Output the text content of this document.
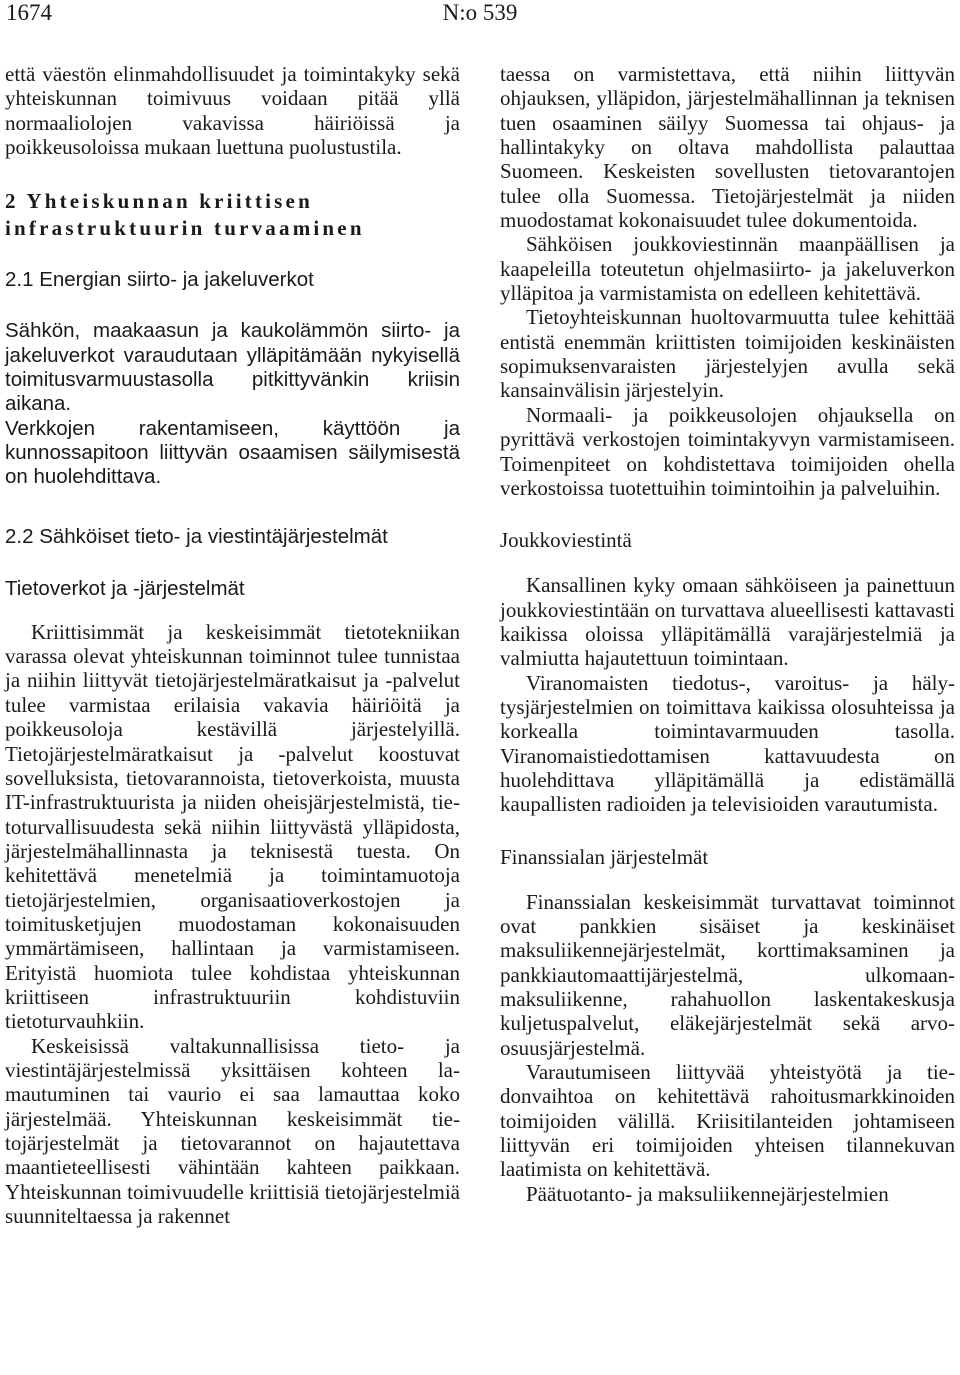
N:o 539
1674

että väestön elinmahdollisuudet ja toimintakyky sekä yhteiskunnan toimivuus voidaan pitää yllä normaaliolojen vakavissa häiriöissä ja poikkeusoloissa mukaan luettuna puolustustila.

2 Yhteiskunnan kriittisen infrastruktuurin turvaaminen
2.1 Energian siirto- ja jakeluverkot

Sähkön, maakaasun ja kaukolämmön siirto- ja jakeluverkot varaudutaan ylläpitämään nykyisellä toimitusvarmuustasolla pitkittyvänkin kriisin aikana.

Verkkojen rakentamiseen, käyttöön ja kunnossapitoon liittyvän osaamisen säilymisestä on huolehdittava.

2.2 Sähköiset tieto- ja viestintäjärjestelmät
Tietoverkot ja -järjestelmät

Kriittisimmät ja keskeisimmät tietotekniikan varassa olevat yhteiskunnan toiminnot tulee tunnistaa ja niihin liittyvät tietojärjestelmäratkaisut ja -palvelut tulee varmistaa erilaisia vakavia häiriöitä ja poikkeusoloja kestävillä järjestelyillä. Tietojärjestelmäratkaisut ja -palvelut koostuvat sovelluksista, tietovarannoista, tietoverkoista, muusta IT-infrastruktuurista ja niiden oheisjärjestelmistä, tietoturvallisuudesta sekä niihin liittyvästä ylläpidosta, järjestelmähallinnasta ja teknisestä tuesta. On kehitettävä menetelmiä ja toimintamuotoja tietojärjestelmien, organisaatioverkostojen ja toimitusketjujen muodostaman kokonaisuuden ymmärtämiseen, hallintaan ja varmistamiseen. Erityistä huomiota tulee kohdistaa yhteiskunnan kriittiseen infrastruktuuriin kohdistuviin tietoturvauhkiin.

Keskeisissä valtakunnallisissa tieto- ja viestintäjärjestelmissä yksittäisen kohteen lamautuminen tai vaurio ei saa lamauttaa koko järjestelmää. Yhteiskunnan keskeisimmät tietojärjestelmät ja tietovarannot on hajautettava maantieteellisesti vähintään kahteen paikkaan. Yhteiskunnan toimivuudelle kriittisiä tietojärjestelmiä suunniteltaessa ja rakennet

taessa on varmistettava, että niihin liittyvän ohjauksen, ylläpidon, järjestelmähallinnan ja teknisen tuen osaaminen säilyy Suomessa tai ohjaus- ja hallintakyky on oltava mahdollista palauttaa Suomeen. Keskeisten sovellusten tietovarantojen tulee olla Suomessa. Tietojärjestelmät ja niiden muodostamat kokonaisuudet tulee dokumentoida.

Sähköisen joukkoviestinnän maanpäällisen ja kaapeleilla toteutetun ohjelmasiirto- ja jakeluverkon ylläpitoa ja varmistamista on edelleen kehitettävä.

Tietoyhteiskunnan huoltovarmuutta tulee kehittää entistä enemmän kriittisten toimijoiden keskinäisten sopimuksenvaraisten järjestelyjen avulla sekä kansainvälisin järjestelyin.

Normaali- ja poikkeusolojen ohjauksella on pyrittävä verkostojen toimintakyvyn varmistamiseen. Toimenpiteet on kohdistettava toimijoiden ohella verkostoissa tuotettuihin toimintoihin ja palveluihin.

Joukkoviestintä

Kansallinen kyky omaan sähköiseen ja painettuun joukkoviestintään on turvattava alueellisesti kattavasti kaikissa oloissa ylläpitämällä varajärjestelmiä ja valmiutta hajautettuun toimintaan.

Viranomaisten tiedotus-, varoitus- ja hälytysjärjestelmien on toimittava kaikissa olosuhteissa ja korkealla toimintavarmuuden tasolla. Viranomaistiedottamisen kattavuudesta on huolehdittava ylläpitämällä ja edistämällä kaupallisten radioiden ja televisioiden varautumista.

Finanssialan järjestelmät

Finanssialan keskeisimmät turvattavat toiminnot ovat pankkien sisäiset ja keskinäiset maksuliikennejärjestelmät, korttimaksaminen ja pankkiautomaattijärjestelmä, ulkomaanmaksuliikenne, rahahuollon laskentakeskusja kuljetuspalvelut, eläkejärjestelmät sekä arvo-osuusjärjestelmä.

Varautumiseen liittyvää yhteistyötä ja tiedonvaihtoa on kehitettävä rahoitusmarkkinoiden toimijoiden välillä. Kriisitilanteiden johtamiseen liittyvän eri toimijoiden yhteisen tilannekuvan laatimista on kehitettävä.

Päätuotanto- ja maksuliikennejärjestelmien
